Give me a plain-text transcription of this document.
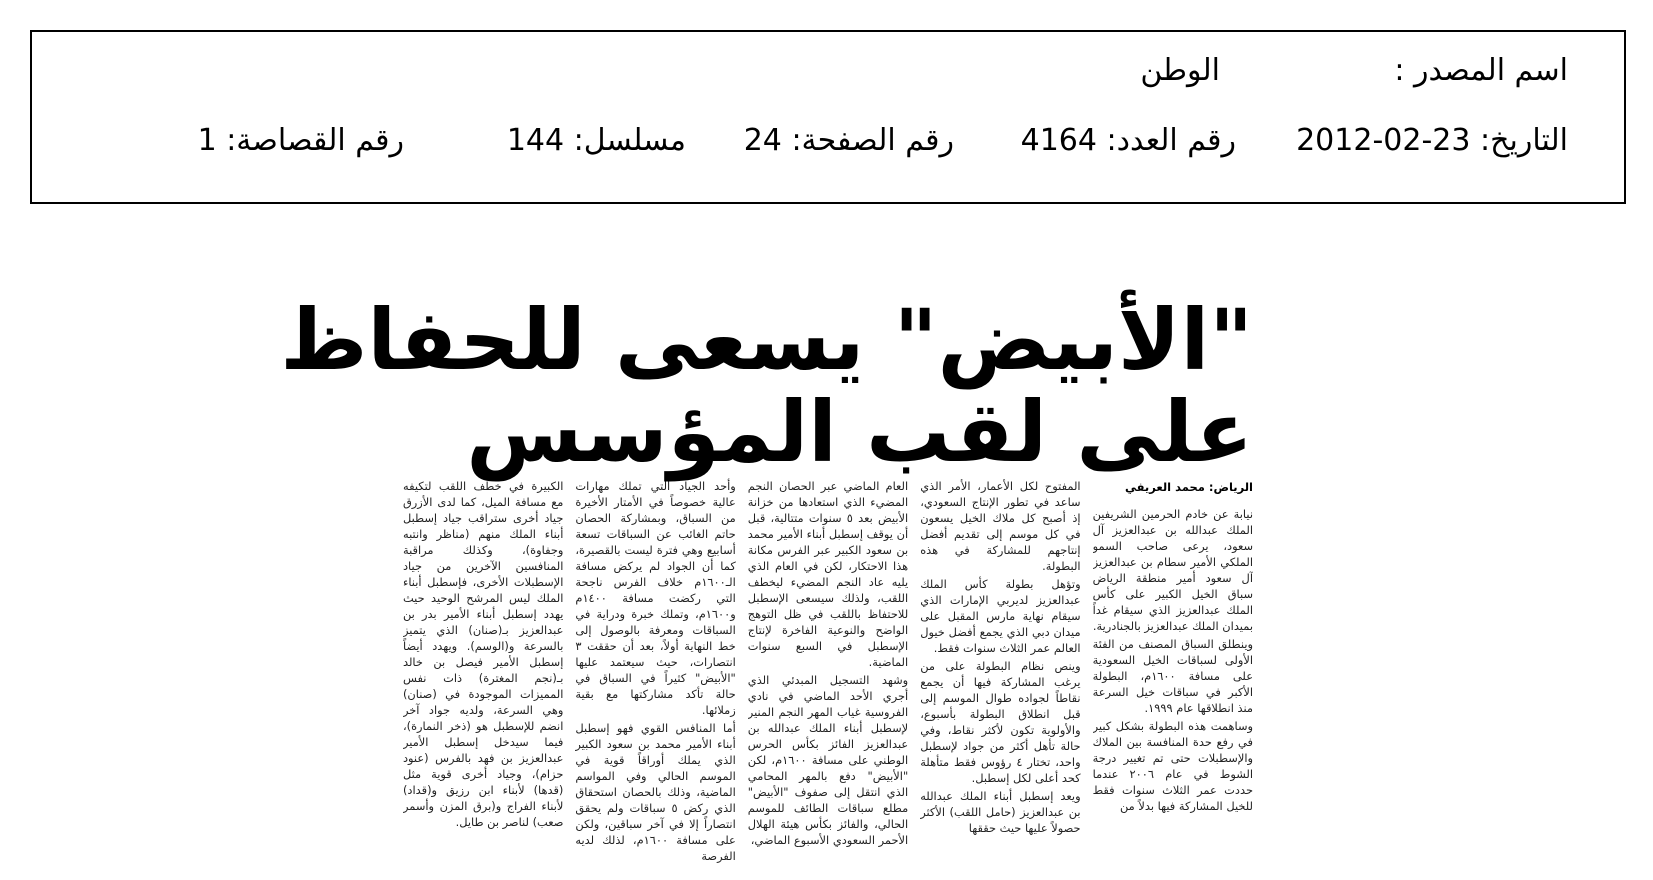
اسم المصدر :
الوطن
التاريخ: 23-02-2012
رقم العدد: 4164
رقم الصفحة: 24
مسلسل: 144
رقم القصاصة: 1
"الأبيض" يسعى للحفاظ
على لقب المؤسس
الرياض: محمد العريفي

نيابة عن خادم الحرمين الشريفين الملك عبدالله بن عبدالعزيز آل سعود، يرعى صاحب السمو الملكي الأمير سطام بن عبدالعزيز آل سعود أمير منطقة الرياض سباق الخيل الكبير على كأس الملك عبدالعزيز الذي سيقام غداً بميدان الملك عبدالعزيز بالجنادرية.

وينطلق السباق المصنف من الفئة الأولى لسباقات الخيل السعودية على مسافة ١٦٠٠م، البطولة الأكبر في سباقات خيل السرعة منذ انطلاقها عام ١٩٩٩.

وساهمت هذه البطولة بشكل كبير في رفع حدة المنافسة بين الملاك والإسطبلات حتى تم تغيير درجة الشوط في عام ٢٠٠٦ عندما حددت عمر الثلاث سنوات فقط للخيل المشاركة فيها بدلاً من

المفتوح لكل الأعمار، الأمر الذي ساعد في تطور الإنتاج السعودي، إذ أصبح كل ملاك الخيل يسعون في كل موسم إلى تقديم أفضل إنتاجهم للمشاركة في هذه البطولة.

وتؤهل بطولة كأس الملك عبدالعزيز لديربي الإمارات الذي سيقام نهاية مارس المقبل على ميدان دبي الذي يجمع أفضل خيول العالم عمر الثلاث سنوات فقط.

وينص نظام البطولة على من يرغب المشاركة فيها أن يجمع نقاطاً لجواده طوال الموسم إلى قبل انطلاق البطولة بأسبوع، والأولوية تكون لأكثر نقاط، وفي حالة تأهل أكثر من جواد لإسطبل واحد، تختار ٤ رؤوس فقط متأهلة كحد أعلى لكل إسطبل.

ويعد إسطبل أبناء الملك عبدالله بن عبدالعزيز (حامل اللقب) الأكثر حصولاً عليها حيث حققها

العام الماضي عبر الحصان النجم المضيء الذي استعادها من خزانة الأبيض بعد ٥ سنوات متتالية، قبل أن يوقف إسطبل أبناء الأمير محمد بن سعود الكبير عبر الفرس مكانة هذا الاحتكار، لكن في العام الذي يليه عاد النجم المضيء ليخطف اللقب، ولذلك سيسعى الإسطبل للاحتفاظ باللقب في ظل التوهج الواضح والنوعية الفاخرة لإنتاج الإسطبل في السبع سنوات الماضية.

وشهد التسجيل المبدئي الذي أجري الأحد الماضي في نادي الفروسية غياب المهر النجم المنير لإسطبل أبناء الملك عبدالله بن عبدالعزيز الفائز بكأس الحرس الوطني على مسافة ١٦٠٠م، لكن "الأبيض" دفع بالمهر المحامي الذي انتقل إلى صفوف "الأبيض" مطلع سباقات الطائف للموسم الحالي، والفائز بكأس هيئة الهلال الأحمر السعودي الأسبوع الماضي،

وأحد الجياد التي تملك مهارات عالية خصوصاً في الأمتار الأخيرة من السباق، وبمشاركة الحصان حاتم الغائب عن السباقات تسعة أسابيع وهي فترة ليست بالقصيرة، كما أن الجواد لم يركض مسافة الـ١٦٠٠م خلاف الفرس ناجحة التي ركضت مسافة ١٤٠٠م و١٦٠٠م، وتملك خبرة ودراية في السباقات ومعرفة بالوصول إلى خط النهاية أولاً، بعد أن حققت ٣ انتصارات، حيث سيعتمد عليها "الأبيض" كثيراً في السباق في حالة تأكد مشاركتها مع بقية زملائها.

أما المنافس القوي فهو إسطبل أبناء الأمير محمد بن سعود الكبير الذي يملك أوراقاً قوية في الموسم الحالي وفي المواسم الماضية، وذلك بالحصان استحقاق الذي ركض ٥ سباقات ولم يحقق انتصاراً إلا في آخر سباقين، ولكن على مسافة ١٦٠٠م، لذلك لديه الفرصة

الكبيرة في خطف اللقب لتكيفه مع مسافة الميل، كما لدى الأزرق جياد أخرى ستراقب جياد إسطبل أبناء الملك منهم (مناظر وانتبه وجفاوة)، وكذلك مراقبة المنافسين الآخرين من جياد الإسطبلات الأخرى، فإسطبل أبناء الملك ليس المرشح الوحيد حيث يهدد إسطبل أبناء الأمير بدر بن عبدالعزيز بـ(صنان) الذي يتميز بالسرعة و(الوسم). ويهدد أيضاً إسطبل الأمير فيصل بن خالد بـ(نجم المغترة) ذات نفس المميزات الموجودة في (صنان) وهي السرعة، ولديه جواد آخر انضم للإسطبل هو (ذخر النمارة)، فيما سيدخل إسطبل الأمير عبدالعزيز بن فهد بالفرس (عنود حزام)، وجياد أخرى قوية مثل (قدها) لأبناء ابن رزيق و(قداد) لأبناء الفراج و(برق المزن وأسمر صعب) لناصر بن طايل.
